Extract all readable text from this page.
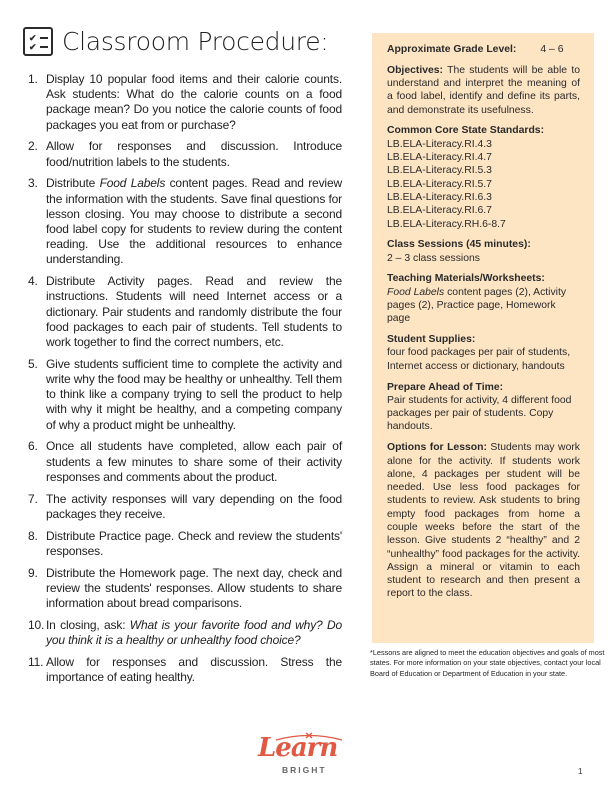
✔
✔ Classroom Procedure:
1. Display 10 popular food items and their calorie counts. Ask students: What do the calorie counts on a food package mean? Do you notice the calorie counts of food packages you eat from or purchase?
2. Allow for responses and discussion. Introduce food/nutrition labels to the students.
3. Distribute Food Labels content pages. Read and review the information with the students. Save final questions for lesson closing. You may choose to distribute a second food label copy for students to review during the content reading. Use the additional resources to enhance understanding.
4. Distribute Activity pages. Read and review the instructions. Students will need Internet access or a dictionary. Pair students and randomly distribute the four food packages to each pair of students. Tell students to work together to find the correct numbers, etc.
5. Give students sufficient time to complete the activity and write why the food may be healthy or unhealthy. Tell them to think like a company trying to sell the product to help with why it might be healthy, and a competing company of why a product might be unhealthy.
6. Once all students have completed, allow each pair of students a few minutes to share some of their activity responses and comments about the product.
7. The activity responses will vary depending on the food packages they receive.
8. Distribute Practice page. Check and review the students' responses.
9. Distribute the Homework page. The next day, check and review the students' responses. Allow students to share information about bread comparisons.
10. In closing, ask: What is your favorite food and why? Do you think it is a healthy or unhealthy food choice?
11. Allow for responses and discussion. Stress the importance of eating healthy.
Approximate Grade Level: 4 – 6
Objectives: The students will be able to understand and interpret the meaning of a food label, identify and define its parts, and demonstrate its usefulness.
Common Core State Standards:
LB.ELA-Literacy.RI.4.3
LB.ELA-Literacy.RI.4.7
LB.ELA-Literacy.RI.5.3
LB.ELA-Literacy.RI.5.7
LB.ELA-Literacy.RI.6.3
LB.ELA-Literacy.RI.6.7
LB.ELA-Literacy.RH.6-8.7
Class Sessions (45 minutes):
2 – 3 class sessions
Teaching Materials/Worksheets:
Food Labels content pages (2), Activity pages (2), Practice page, Homework page
Student Supplies:
four food packages per pair of students, Internet access or dictionary, handouts
Prepare Ahead of Time:
Pair students for activity, 4 different food packages per pair of students. Copy handouts.
Options for Lesson: Students may work alone for the activity. If students work alone, 4 packages per student will be needed. Use less food packages for students to review. Ask students to bring empty food packages from home a couple weeks before the start of the lesson. Give students 2 “healthy” and 2 “unhealthy” food packages for the activity. Assign a mineral or vitamin to each student to research and then present a report to the class.

*Lessons are aligned to meet the education objectives and goals of most states. For more information on your state objectives, contact your local Board of Education or Department of Education in your state.

Learn
BRIGHT	1
